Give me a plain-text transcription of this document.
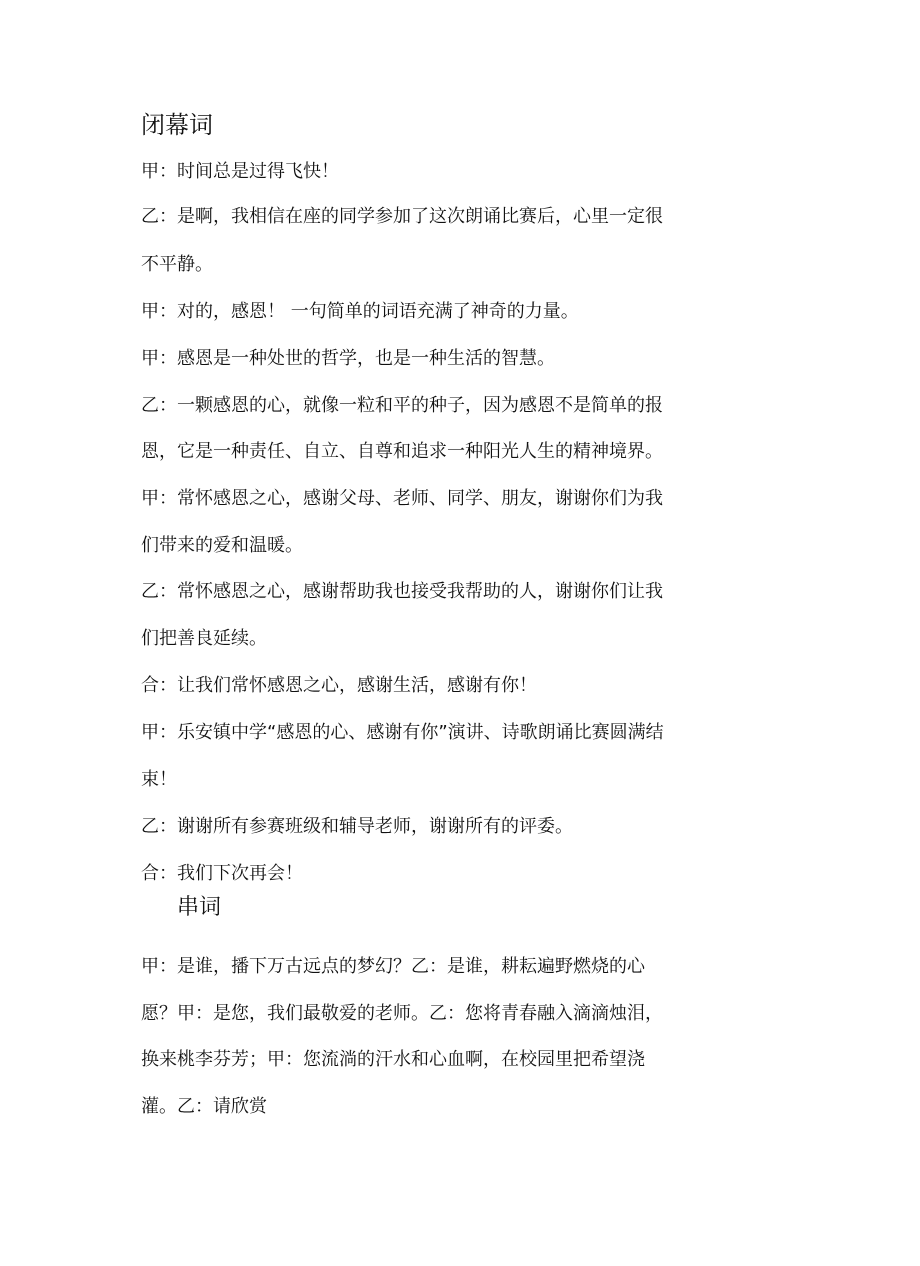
闭幕词
甲：时间总是过得飞快！
乙：是啊，我相信在座的同学参加了这次朗诵比赛后，心里一定很
不平静。
甲：对的，感恩！ 一句简单的词语充满了神奇的力量。
甲：感恩是一种处世的哲学，也是一种生活的智慧。
乙：一颗感恩的心，就像一粒和平的种子，因为感恩不是简单的报
恩，它是一种责任、自立、自尊和追求一种阳光人生的精神境界。
甲：常怀感恩之心，感谢父母、老师、同学、朋友，谢谢你们为我
们带来的爱和温暖。
乙：常怀感恩之心，感谢帮助我也接受我帮助的人，谢谢你们让我
们把善良延续。
合：让我们常怀感恩之心，感谢生活，感谢有你！
甲：乐安镇中学“感恩的心、感谢有你”演讲、诗歌朗诵比赛圆满结
束！
乙：谢谢所有参赛班级和辅导老师，谢谢所有的评委。
合：我们下次再会！
串词
甲：是谁，播下万古远点的梦幻？乙：是谁，耕耘遍野燃烧的心
愿？甲：是您，我们最敬爱的老师。乙：您将青春融入滴滴烛泪，
换来桃李芬芳；甲：您流淌的汗水和心血啊，在校园里把希望浇
灌。乙：请欣赏
